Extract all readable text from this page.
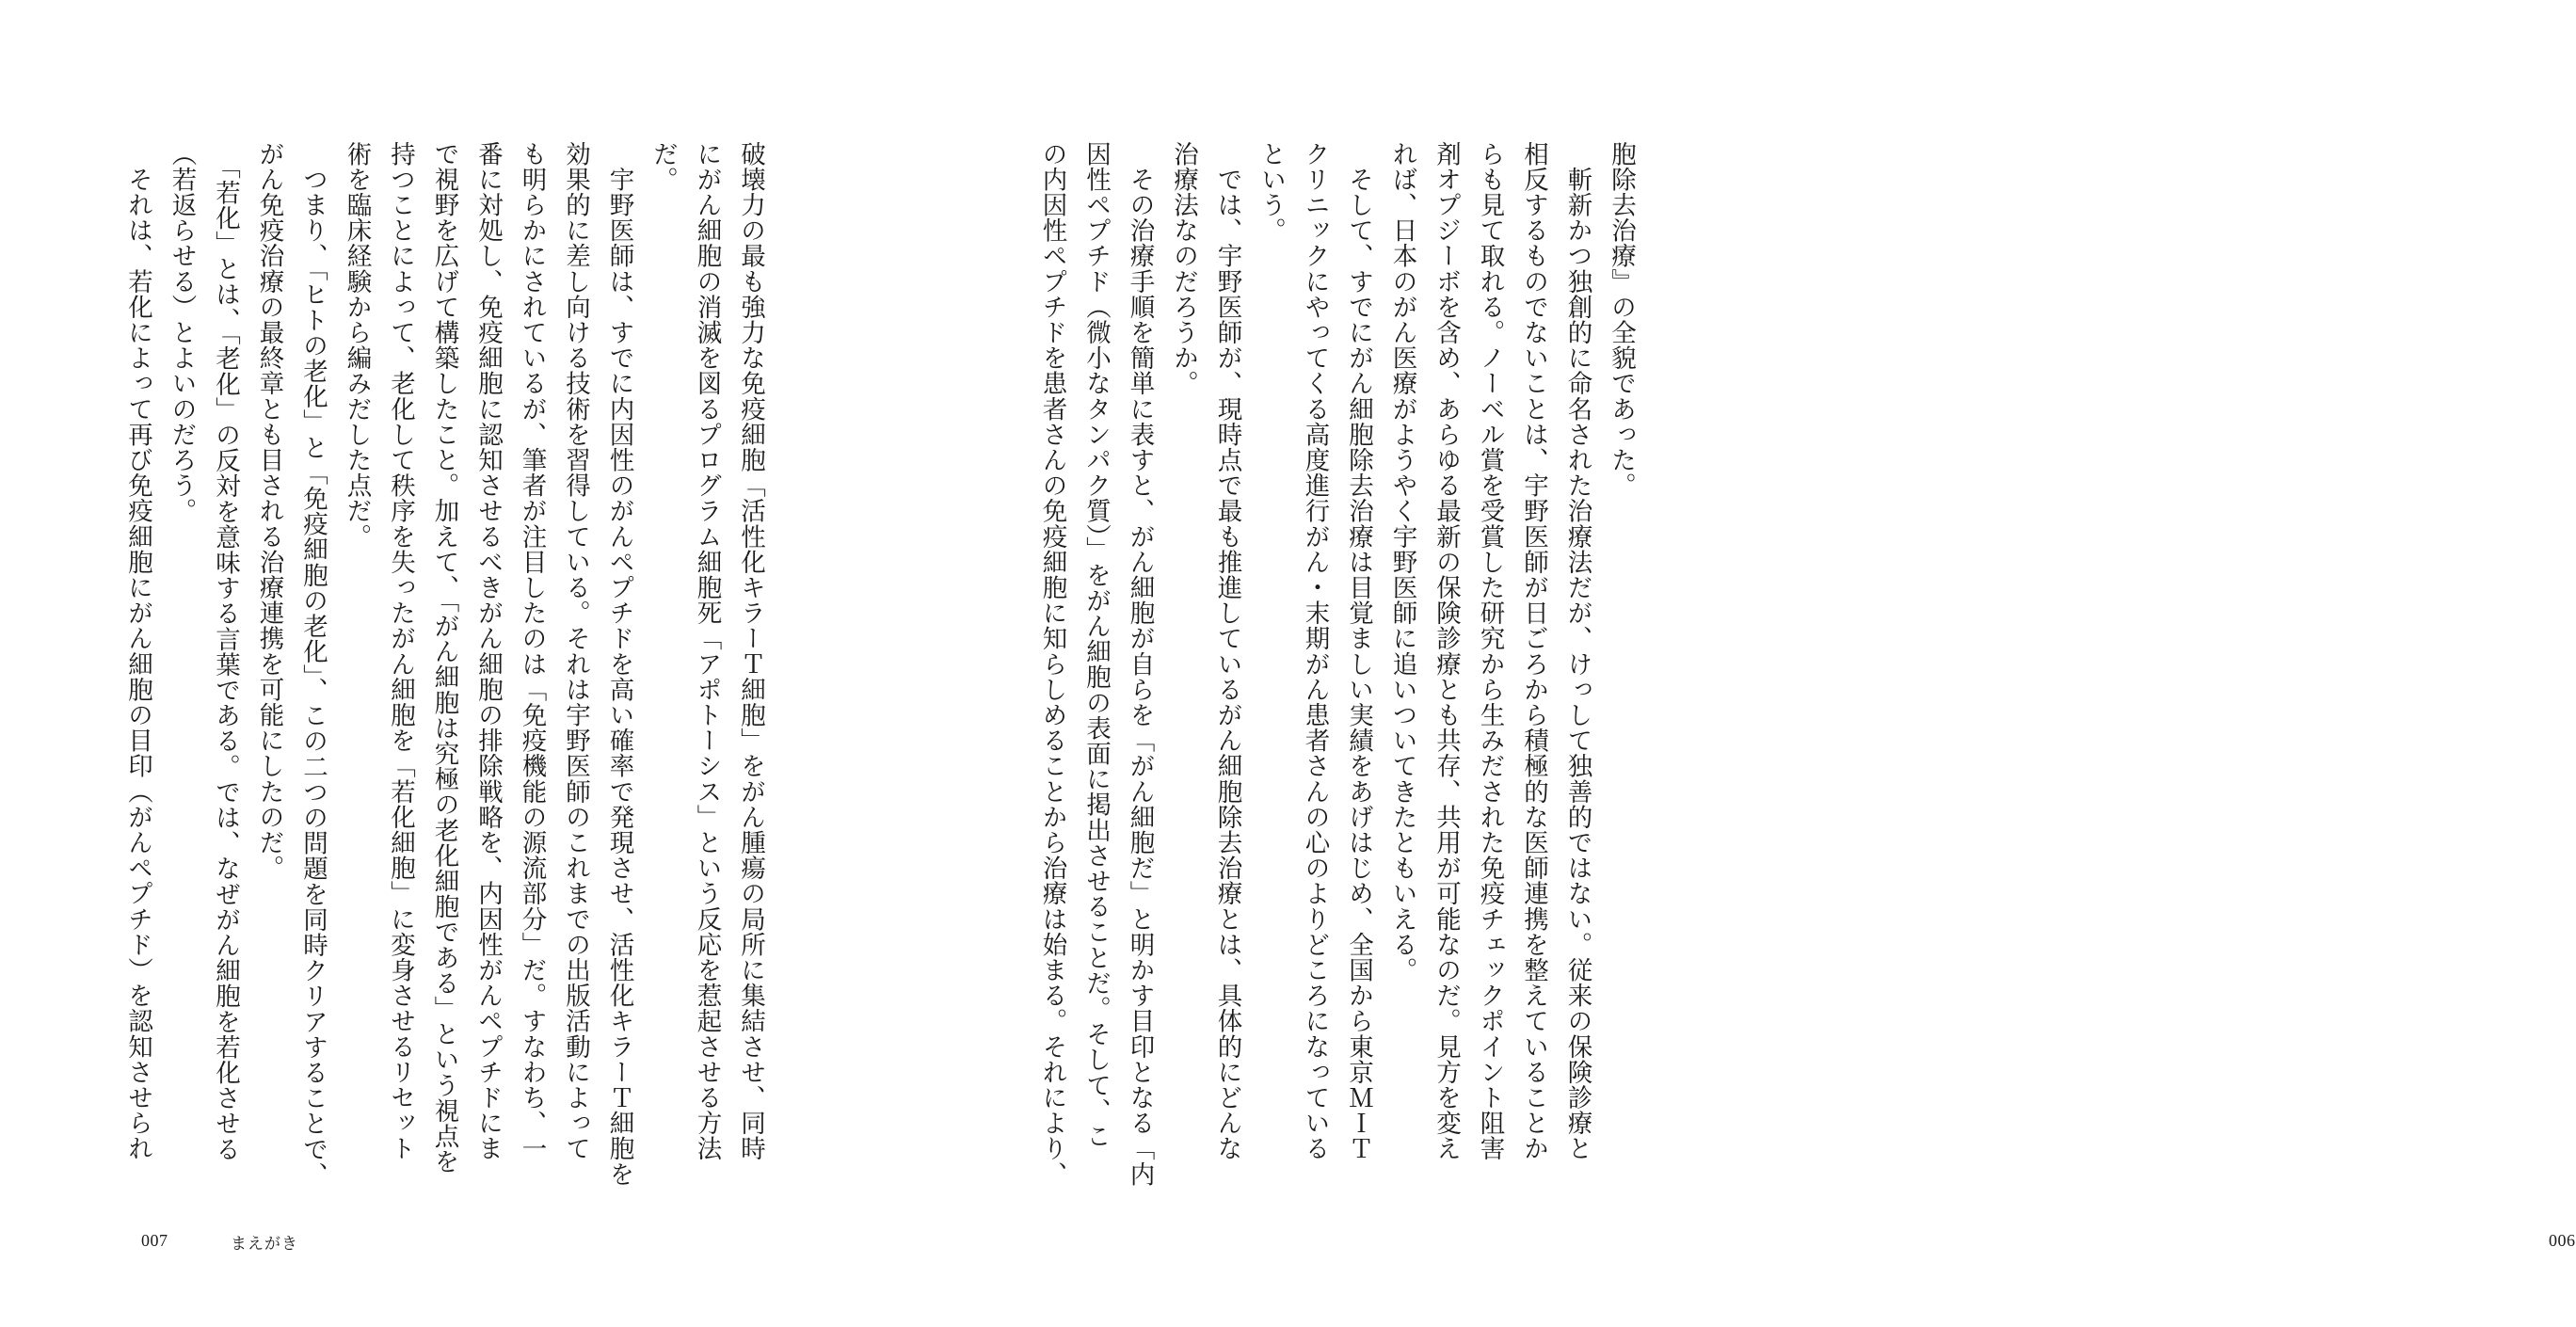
破壊力の最も強力な免疫細胞「活性化キラーＴ細胞」をがん腫瘍の局所に集結させ、同時
にがん細胞の消滅を図るプログラム細胞死「アポトーシス」という反応を惹起させる方法
だ。
　宇野医師は、すでに内因性のがんペプチドを高い確率で発現させ、活性化キラーＴ細胞を
効果的に差し向ける技術を習得している。それは宇野医師のこれまでの出版活動によって
も明らかにされているが、筆者が注目したのは「免疫機能の源流部分」だ。すなわち、一
番に対処し、免疫細胞に認知させるべきがん細胞の排除戦略を、内因性がんペプチドにま
で視野を広げて構築したこと。加えて、「がん細胞は究極の老化細胞である」という視点を
持つことによって、老化して秩序を失ったがん細胞を「若化細胞」に変身させるリセット
術を臨床経験から編みだした点だ。
　つまり、「ヒトの老化」と「免疫細胞の老化」、この二つの問題を同時クリアすることで、
がん免疫治療の最終章とも目される治療連携を可能にしたのだ。
　「若化」とは、「老化」の反対を意味する言葉である。では、なぜがん細胞を若化させる
（若返らせる）とよいのだろう。
　それは、若化によって再び免疫細胞にがん細胞の目印（がんペプチド）を認知させられ
007	まえがき
胞除去治療』の全貌であった。
　斬新かつ独創的に命名された治療法だが、けっして独善的ではない。従来の保険診療と
相反するものでないことは、宇野医師が日ごろから積極的な医師連携を整えていることか
らも見て取れる。ノーベル賞を受賞した研究から生みだされた免疫チェックポイント阻害
剤オプジーボを含め、あらゆる最新の保険診療とも共存、共用が可能なのだ。見方を変え
れば、日本のがん医療がようやく宇野医師に追いついてきたともいえる。
　そして、すでにがん細胞除去治療は目覚ましい実績をあげはじめ、全国から東京ＭＩＴ
クリニックにやってくる高度進行がん・末期がん患者さんの心のよりどころになっている
という。
　では、宇野医師が、現時点で最も推進しているがん細胞除去治療とは、具体的にどんな
治療法なのだろうか。
　その治療手順を簡単に表すと、がん細胞が自らを「がん細胞だ」と明かす目印となる「内
因性ペプチド（微小なタンパク質）」をがん細胞の表面に掲出させることだ。そして、こ
の内因性ペプチドを患者さんの免疫細胞に知らしめることから治療は始まる。それにより、
006
